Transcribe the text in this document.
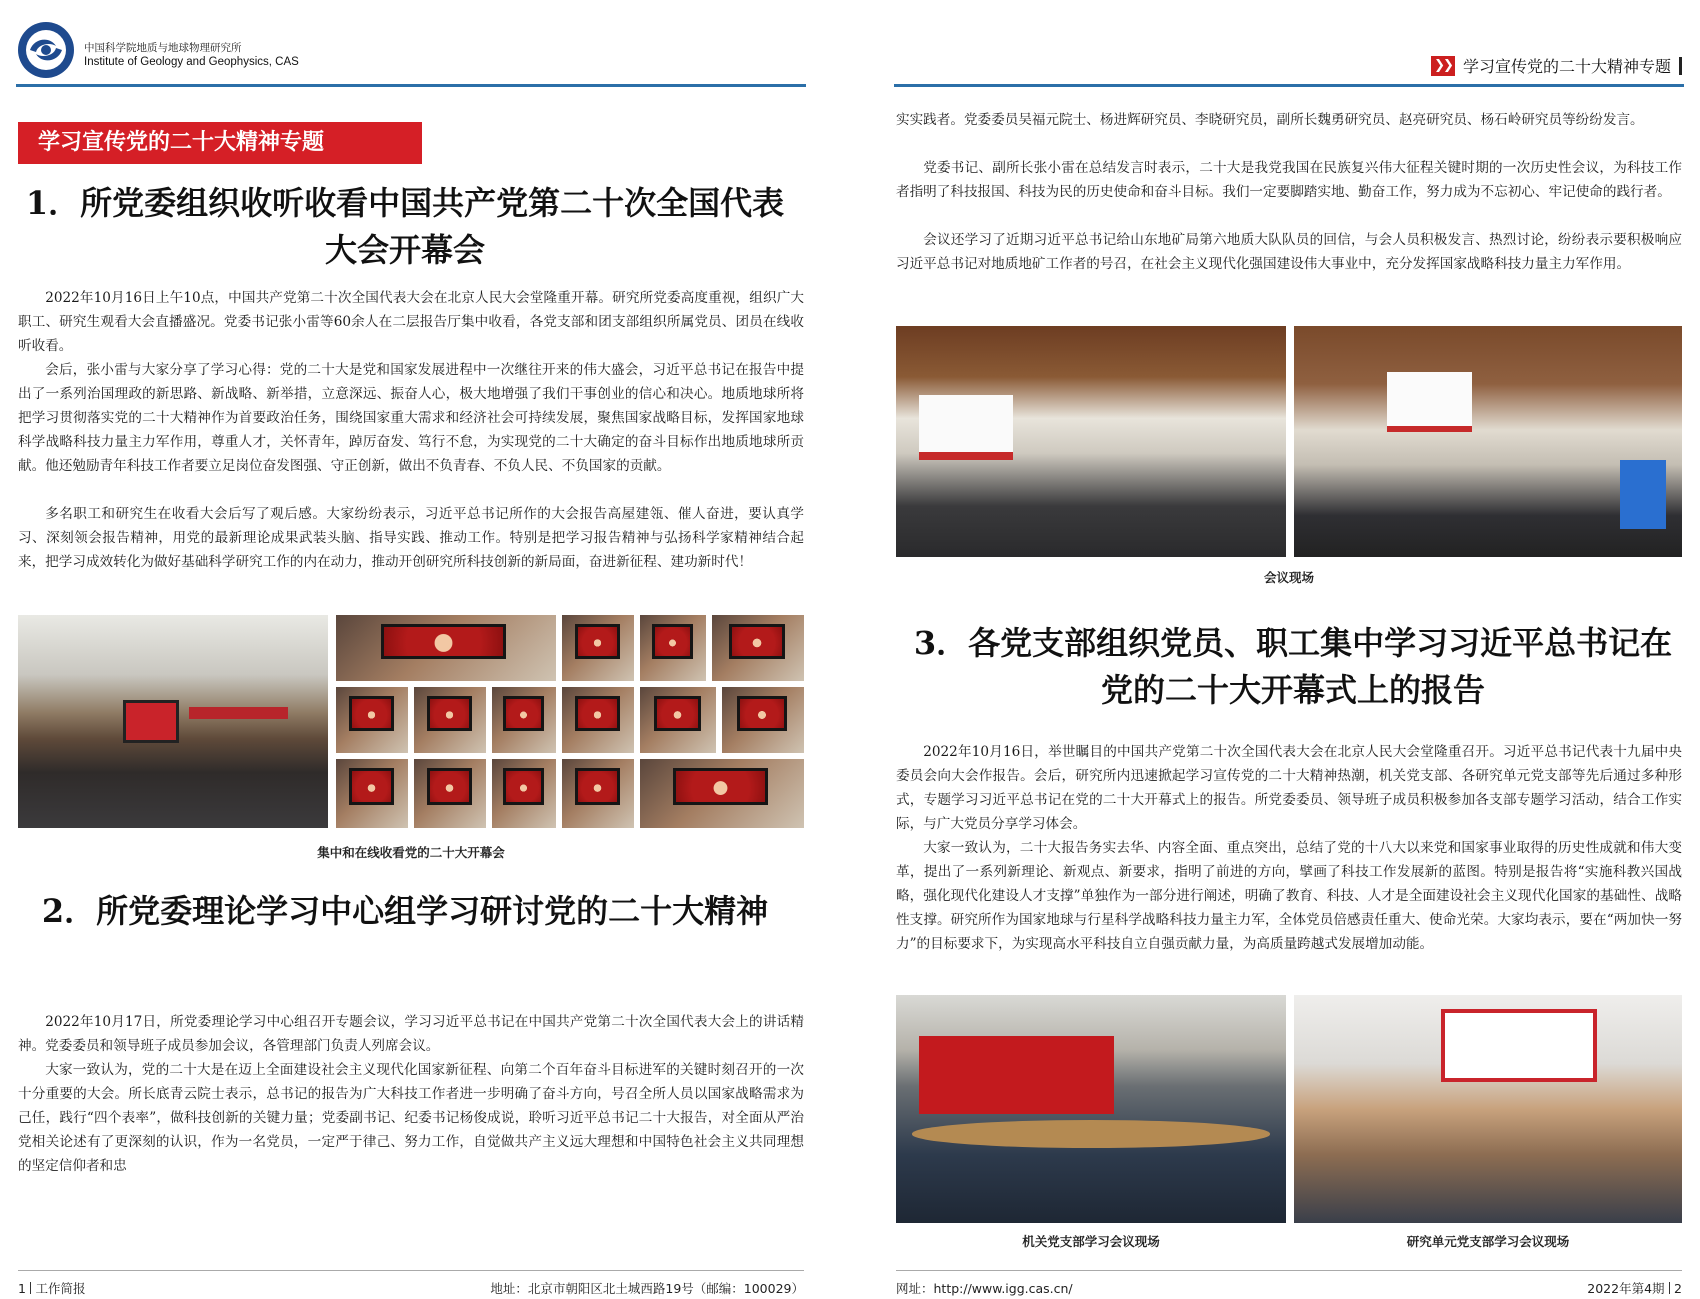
中国科学院地质与地球物理研究所
Institute of Geology and Geophysics, CAS
学习宣传党的二十大精神专题
1．所党委组织收听收看中国共产党第二十次全国代表大会开幕会
2022年10月16日上午10点，中国共产党第二十次全国代表大会在北京人民大会堂隆重开幕。研究所党委高度重视，组织广大职工、研究生观看大会直播盛况。党委书记张小雷等60余人在二层报告厅集中收看，各党支部和团支部组织所属党员、团员在线收听收看。
会后，张小雷与大家分享了学习心得：党的二十大是党和国家发展进程中一次继往开来的伟大盛会，习近平总书记在报告中提出了一系列治国理政的新思路、新战略、新举措，立意深远、振奋人心，极大地增强了我们干事创业的信心和决心。地质地球所将把学习贯彻落实党的二十大精神作为首要政治任务，围绕国家重大需求和经济社会可持续发展，聚焦国家战略目标，发挥国家地球科学战略科技力量主力军作用，尊重人才，关怀青年，踔厉奋发、笃行不怠，为实现党的二十大确定的奋斗目标作出地质地球所贡献。他还勉励青年科技工作者要立足岗位奋发图强、守正创新，做出不负青春、不负人民、不负国家的贡献。
多名职工和研究生在收看大会后写了观后感。大家纷纷表示，习近平总书记所作的大会报告高屋建瓴、催人奋进，要认真学习、深刻领会报告精神，用党的最新理论成果武装头脑、指导实践、推动工作。特别是把学习报告精神与弘扬科学家精神结合起来，把学习成效转化为做好基础科学研究工作的内在动力，推动开创研究所科技创新的新局面，奋进新征程、建功新时代！
集中和在线收看党的二十大开幕会
2．所党委理论学习中心组学习研讨党的二十大精神
2022年10月17日，所党委理论学习中心组召开专题会议，学习习近平总书记在中国共产党第二十次全国代表大会上的讲话精神。党委委员和领导班子成员参加会议，各管理部门负责人列席会议。
大家一致认为，党的二十大是在迈上全面建设社会主义现代化国家新征程、向第二个百年奋斗目标进军的关键时刻召开的一次十分重要的大会。所长底青云院士表示，总书记的报告为广大科技工作者进一步明确了奋斗方向，号召全所人员以国家战略需求为己任，践行“四个表率”，做科技创新的关键力量；党委副书记、纪委书记杨俊成说，聆听习近平总书记二十大报告，对全面从严治党相关论述有了更深刻的认识，作为一名党员，一定严于律己、努力工作，自觉做共产主义远大理想和中国特色社会主义共同理想的坚定信仰者和忠
1 工作简报	地址：北京市朝阳区北土城西路19号（邮编：100029）
❯❯ 学习宣传党的二十大精神专题
实实践者。党委委员吴福元院士、杨进辉研究员、李晓研究员，副所长魏勇研究员、赵亮研究员、杨石岭研究员等纷纷发言。
党委书记、副所长张小雷在总结发言时表示，二十大是我党我国在民族复兴伟大征程关键时期的一次历史性会议，为科技工作者指明了科技报国、科技为民的历史使命和奋斗目标。我们一定要脚踏实地、勤奋工作，努力成为不忘初心、牢记使命的践行者。
会议还学习了近期习近平总书记给山东地矿局第六地质大队队员的回信，与会人员积极发言、热烈讨论，纷纷表示要积极响应习近平总书记对地质地矿工作者的号召，在社会主义现代化强国建设伟大事业中，充分发挥国家战略科技力量主力军作用。
会议现场
3．各党支部组织党员、职工集中学习习近平总书记在党的二十大开幕式上的报告
2022年10月16日，举世瞩目的中国共产党第二十次全国代表大会在北京人民大会堂隆重召开。习近平总书记代表十九届中央委员会向大会作报告。会后，研究所内迅速掀起学习宣传党的二十大精神热潮，机关党支部、各研究单元党支部等先后通过多种形式，专题学习习近平总书记在党的二十大开幕式上的报告。所党委委员、领导班子成员积极参加各支部专题学习活动，结合工作实际，与广大党员分享学习体会。
大家一致认为，二十大报告务实去华、内容全面、重点突出，总结了党的十八大以来党和国家事业取得的历史性成就和伟大变革，提出了一系列新理论、新观点、新要求，指明了前进的方向，擘画了科技工作发展新的蓝图。特别是报告将“实施科教兴国战略，强化现代化建设人才支撑”单独作为一部分进行阐述，明确了教育、科技、人才是全面建设社会主义现代化国家的基础性、战略性支撑。研究所作为国家地球与行星科学战略科技力量主力军，全体党员倍感责任重大、使命光荣。大家均表示，要在“两加快一努力”的目标要求下，为实现高水平科技自立自强贡献力量，为高质量跨越式发展增加动能。
机关党支部学习会议现场	研究单元党支部学习会议现场
网址：http://www.igg.cas.cn/	2022年第4期 2
